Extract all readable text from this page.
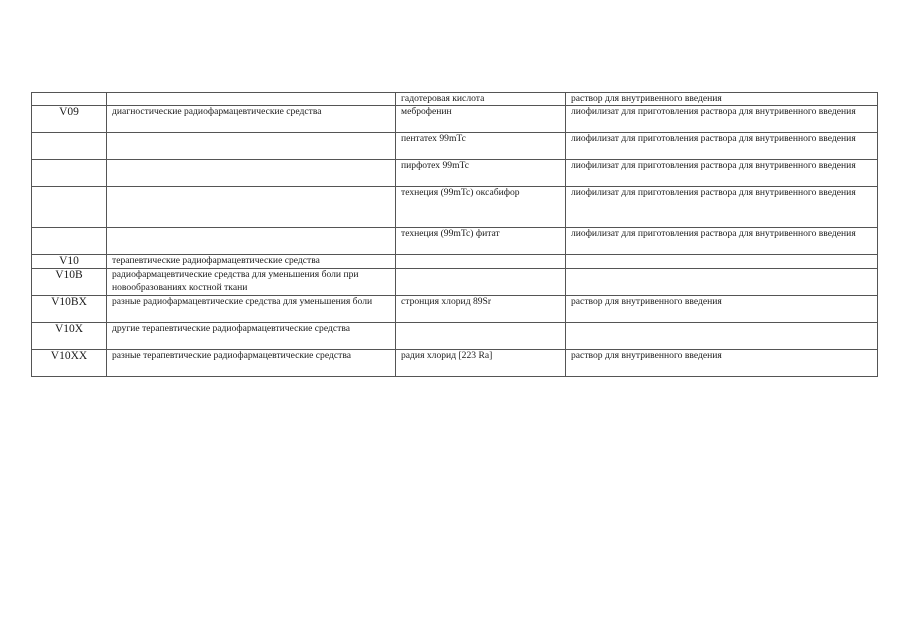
		гадотеровая кислота	раствор для внутривенного введения
V09	диагностические радиофармацевтические средства	меброфенин	лиофилизат для приготовления раствора для внутривенного введения
		пентатех 99mTc	лиофилизат для приготовления раствора для внутривенного введения
		пирфотех 99mTc	лиофилизат для приготовления раствора для внутривенного введения
		технеция (99mTc) оксабифор	лиофилизат для приготовления раствора для внутривенного введения
		технеция (99mTc) фитат	лиофилизат для приготовления раствора для внутривенного введения
V10	терапевтические радиофармацевтические средства		
V10B	радиофармацевтические средства для уменьшения боли при новообразованиях костной ткани		
V10BX	разные радиофармацевтические средства для уменьшения боли	стронция хлорид 89Sr	раствор для внутривенного введения
V10X	другие терапевтические радиофармацевтические средства		
V10XX	разные терапевтические радиофармацевтические средства	радия хлорид [223 Ra]	раствор для внутривенного введения
